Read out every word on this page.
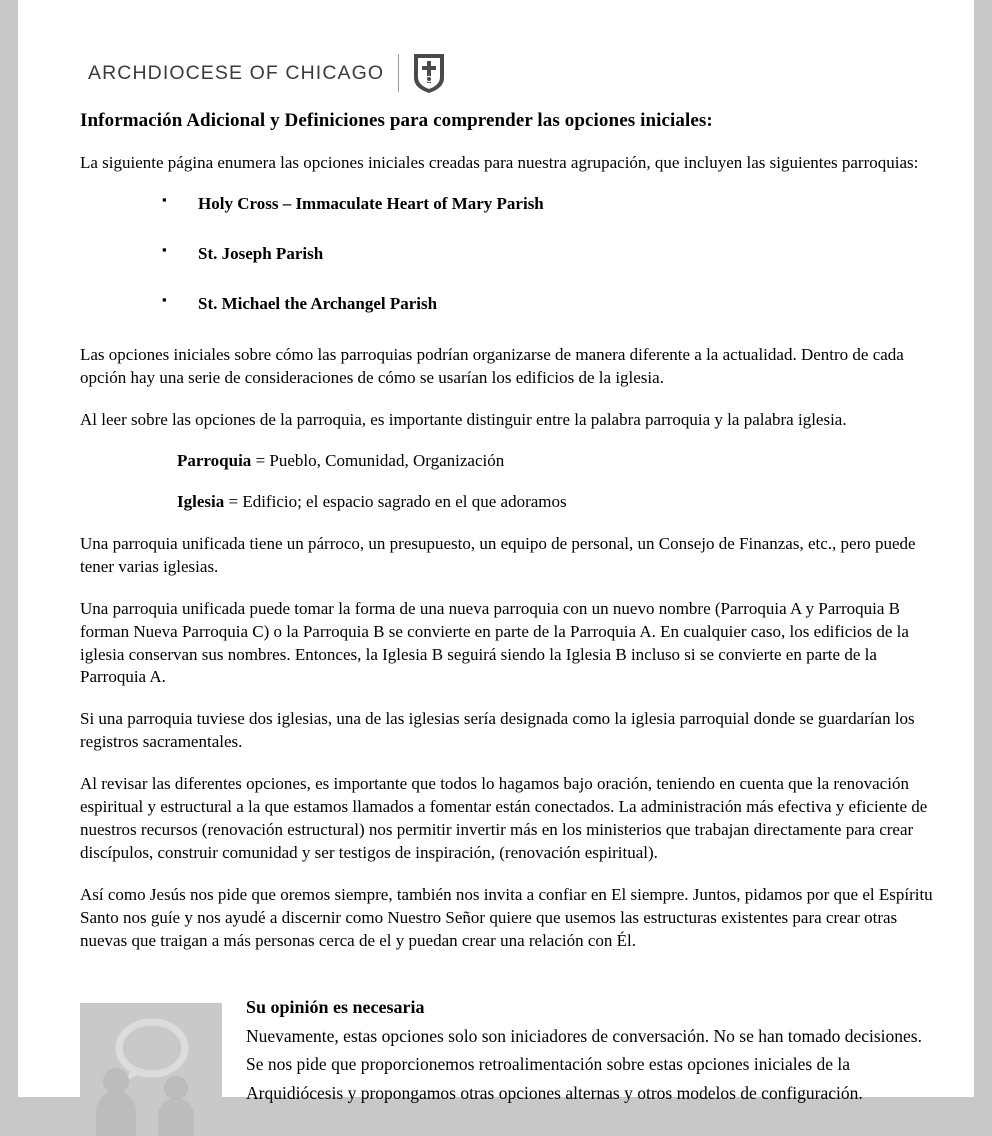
ARCHDIOCESE OF CHICAGO
Información Adicional y Definiciones para comprender las opciones iniciales:

La siguiente página enumera las opciones iniciales creadas para nuestra agrupación, que incluyen las siguientes parroquias:

▪ Holy Cross – Immaculate Heart of Mary Parish
▪ St. Joseph Parish
▪ St. Michael the Archangel Parish

Las opciones iniciales sobre cómo las parroquias podrían organizarse de manera diferente a la actualidad. Dentro de cada opción hay una serie de consideraciones de cómo se usarían los edificios de la iglesia.

Al leer sobre las opciones de la parroquia, es importante distinguir entre la palabra parroquia y la palabra iglesia.

Parroquia = Pueblo, Comunidad, Organización
Iglesia = Edificio; el espacio sagrado en el que adoramos

Una parroquia unificada tiene un párroco, un presupuesto, un equipo de personal, un Consejo de Finanzas, etc., pero puede tener varias iglesias.

Una parroquia unificada puede tomar la forma de una nueva parroquia con un nuevo nombre (Parroquia A y Parroquia B forman Nueva Parroquia C) o la Parroquia B se convierte en parte de la Parroquia A. En cualquier caso, los edificios de la iglesia conservan sus nombres. Entonces, la Iglesia B seguirá siendo la Iglesia B incluso si se convierte en parte de la Parroquia A.

Si una parroquia tuviese dos iglesias, una de las iglesias sería designada como la iglesia parroquial donde se guardarían los registros sacramentales.

Al revisar las diferentes opciones, es importante que todos lo hagamos bajo oración, teniendo en cuenta que la renovación espiritual y estructural a la que estamos llamados a fomentar están conectados. La administración más efectiva y eficiente de nuestros recursos (renovación estructural) nos permitir invertir más en los ministerios que trabajan directamente para crear discípulos, construir comunidad y ser testigos de inspiración, (renovación espiritual).

Así como Jesús nos pide que oremos siempre, también nos invita a confiar en El siempre. Juntos, pidamos por que el Espíritu Santo nos guíe y nos ayudé a discernir como Nuestro Señor quiere que usemos las estructuras existentes para crear otras nuevas que traigan a más personas cerca de el y puedan crear una relación con Él.

Su opinión es necesaria

Nuevamente, estas opciones solo son iniciadores de conversación. No se han tomado decisiones. Se nos pide que proporcionemos retroalimentación sobre estas opciones iniciales de la Arquidiócesis y propongamos otras opciones alternas y otros modelos de configuración.
